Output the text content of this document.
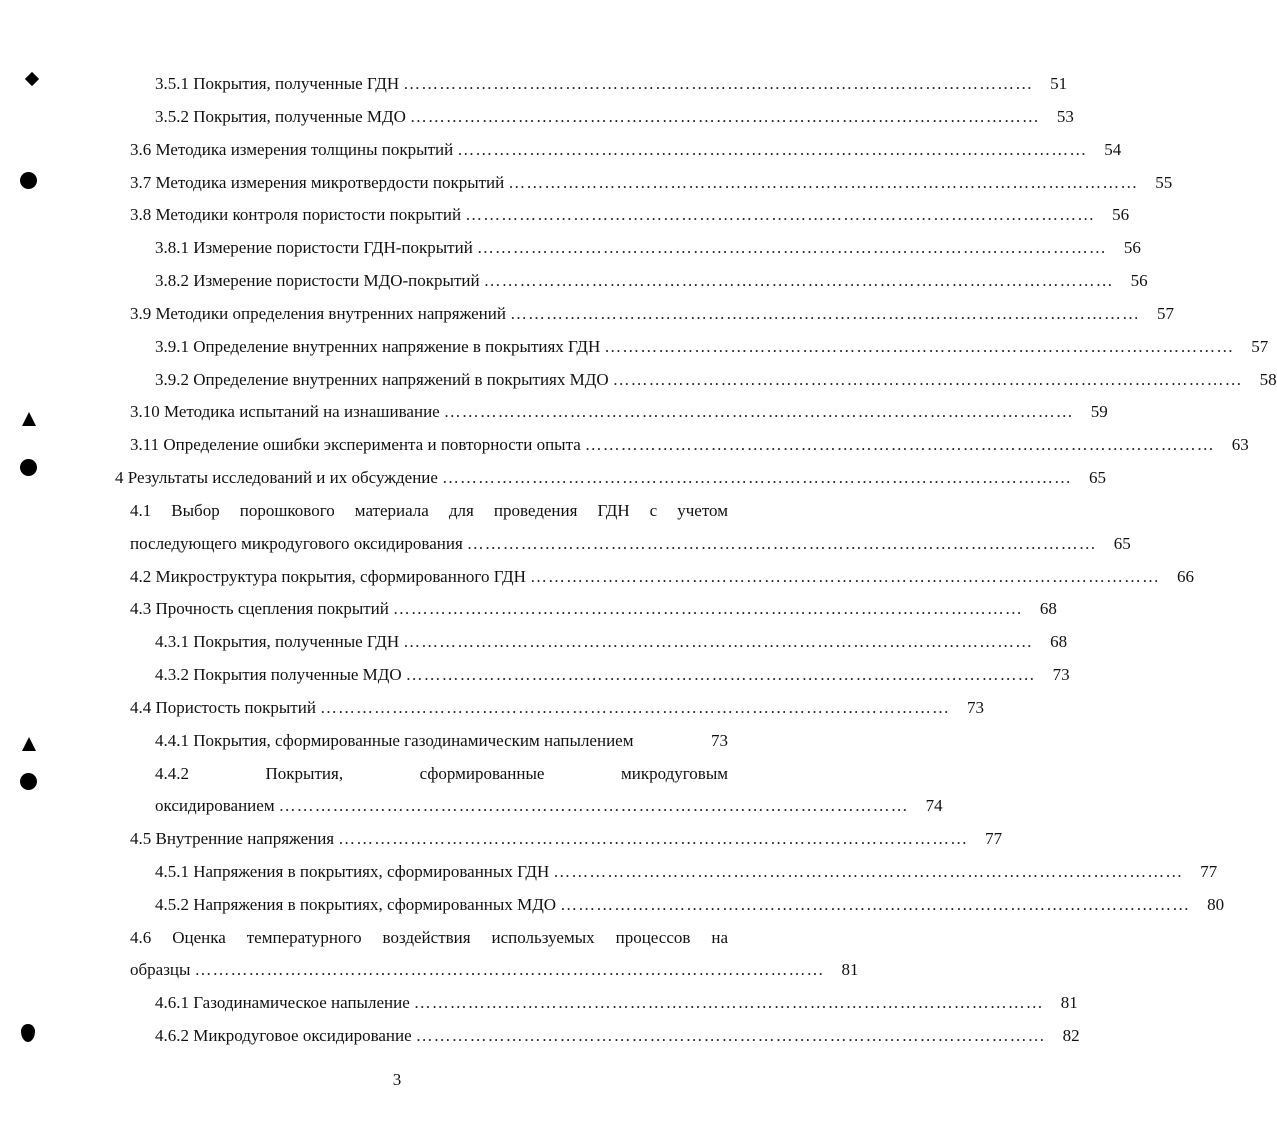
3.5.1 Покрытия, полученные ГДН ……………………………………………………………………………………………	51
3.5.2 Покрытия, полученные МДО ……………………………………………………………………………………………	53
3.6 Методика измерения толщины покрытий ……………………………………………………………………………………………	54
3.7 Методика измерения микротвердости покрытий ……………………………………………………………………………………………	55
3.8 Методики контроля пористости покрытий ……………………………………………………………………………………………	56
3.8.1 Измерение пористости ГДН-покрытий ……………………………………………………………………………………………	56
3.8.2 Измерение пористости МДО-покрытий ……………………………………………………………………………………………	56
3.9 Методики определения внутренних напряжений ……………………………………………………………………………………………	57
3.9.1 Определение внутренних напряжение в покрытиях ГДН ……………………………………………………………………………………………	57
3.9.2 Определение внутренних напряжений в покрытиях МДО ……………………………………………………………………………………………	58
3.10 Методика испытаний на изнашивание ……………………………………………………………………………………………	59
3.11 Определение ошибки эксперимента и повторности опыта ……………………………………………………………………………………………	63
4 Результаты исследований и их обсуждение ……………………………………………………………………………………………	65
4.1 Выбор порошкового материала для проведения ГДН с учетом
последующего микродугового оксидирования ……………………………………………………………………………………………	65
4.2 Микроструктура покрытия, сформированного ГДН ……………………………………………………………………………………………	66
4.3 Прочность сцепления покрытий ……………………………………………………………………………………………	68
4.3.1 Покрытия, полученные ГДН ……………………………………………………………………………………………	68
4.3.2 Покрытия полученные МДО ……………………………………………………………………………………………	73
4.4 Пористость покрытий ……………………………………………………………………………………………	73
4.4.1 Покрытия, сформированные газодинамическим напылением	73
4.4.2 Покрытия, сформированные микродуговым
оксидированием ……………………………………………………………………………………………	74
4.5 Внутренние напряжения ……………………………………………………………………………………………	77
4.5.1 Напряжения в покрытиях, сформированных ГДН ……………………………………………………………………………………………	77
4.5.2 Напряжения в покрытиях, сформированных МДО ……………………………………………………………………………………………	80
4.6 Оценка температурного воздействия используемых процессов на
образцы ……………………………………………………………………………………………	81
4.6.1 Газодинамическое напыление ……………………………………………………………………………………………	81
4.6.2 Микродуговое оксидирование ……………………………………………………………………………………………	82
3
